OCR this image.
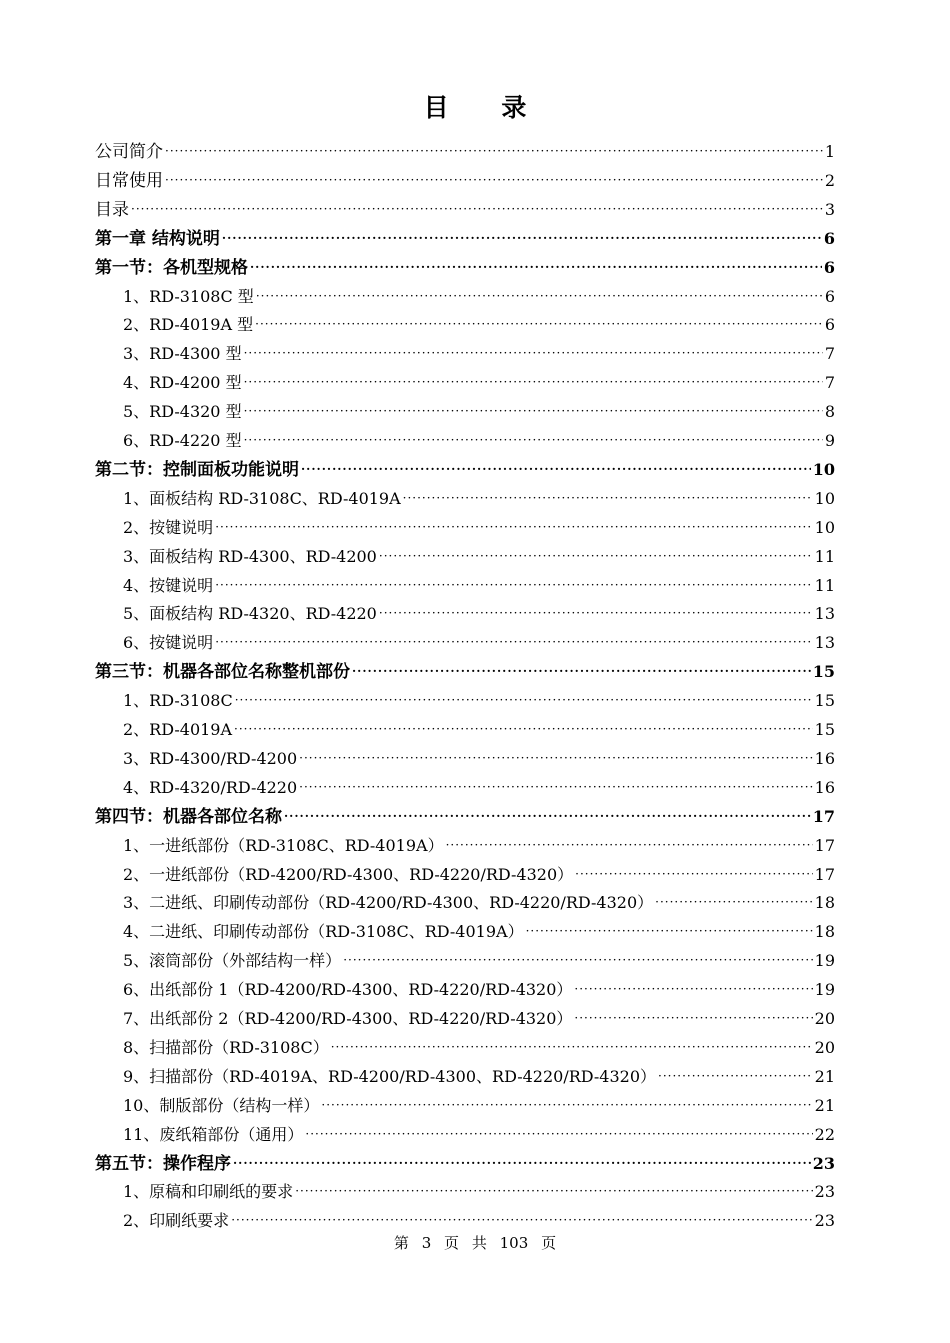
目 录
公司简介 ·····	1
日常使用 ·····	2
目录 ·····	3
第一章 结构说明 ·····	6
第一节：各机型规格 ·····	6
1、RD-3108C 型 ·····	6
2、RD-4019A 型 ·····	6
3、RD-4300 型 ·····	7
4、RD-4200 型 ·····	7
5、RD-4320 型 ·····	8
6、RD-4220 型 ·····	9
第二节：控制面板功能说明 ·····	10
1、面板结构 RD-3108C、RD-4019A ·····	10
2、按键说明 ·····	10
3、面板结构 RD-4300、RD-4200 ·····	11
4、按键说明 ·····	11
5、面板结构 RD-4320、RD-4220 ·····	13
6、按键说明 ·····	13
第三节：机器各部位名称整机部份 ·····	15
1、RD-3108C ·····	15
2、RD-4019A ·····	15
3、RD-4300/RD-4200 ·····	16
4、RD-4320/RD-4220 ·····	16
第四节：机器各部位名称 ·····	17
1、一进纸部份（RD-3108C、RD-4019A） ·····	17
2、一进纸部份（RD-4200/RD-4300、RD-4220/RD-4320） ·····	17
3、二进纸、印刷传动部份（RD-4200/RD-4300、RD-4220/RD-4320） ·····	18
4、二进纸、印刷传动部份（RD-3108C、RD-4019A） ·····	18
5、滚筒部份（外部结构一样） ·····	19
6、出纸部份 1（RD-4200/RD-4300、RD-4220/RD-4320） ·····	19
7、出纸部份 2（RD-4200/RD-4300、RD-4220/RD-4320） ·····	20
8、扫描部份（RD-3108C） ·····	20
9、扫描部份（RD-4019A、RD-4200/RD-4300、RD-4220/RD-4320） ·····	21
10、制版部份（结构一样） ·····	21
11、废纸箱部份（通用） ·····	22
第五节：操作程序 ·····	23
1、原稿和印刷纸的要求 ·····	23
2、印刷纸要求 ·····	23
第 3 页 共 103 页
